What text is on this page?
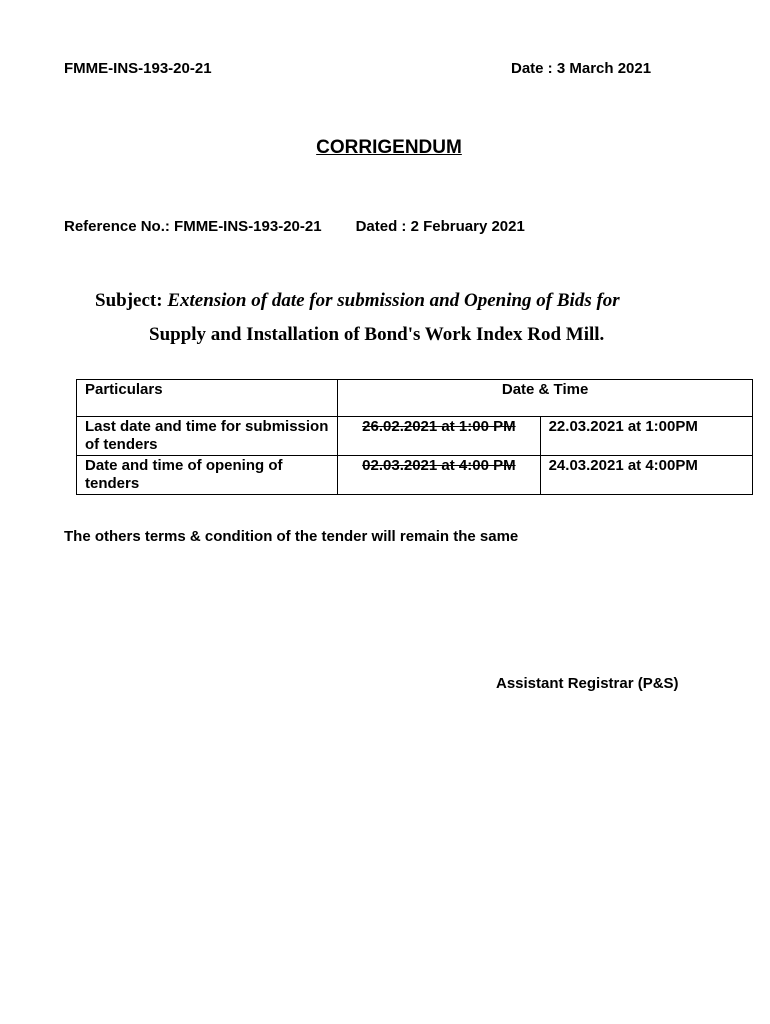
FMME-INS-193-20-21	Date : 3 March 2021
CORRIGENDUM
Reference No.: FMME-INS-193-20-21 Dated : 2 February 2021
Subject: Extension of date for submission and Opening of Bids for
Supply and Installation of Bond's Work Index Rod Mill.
Particulars	Date & Time	
Last date and time for submission of tenders	26.02.2021 at 1:00 PM	22.03.2021 at 1:00PM
Date and time of opening of tenders	02.03.2021 at 4:00 PM	24.03.2021 at 4:00PM
The others terms & condition of the tender will remain the same
Assistant Registrar (P&S)
